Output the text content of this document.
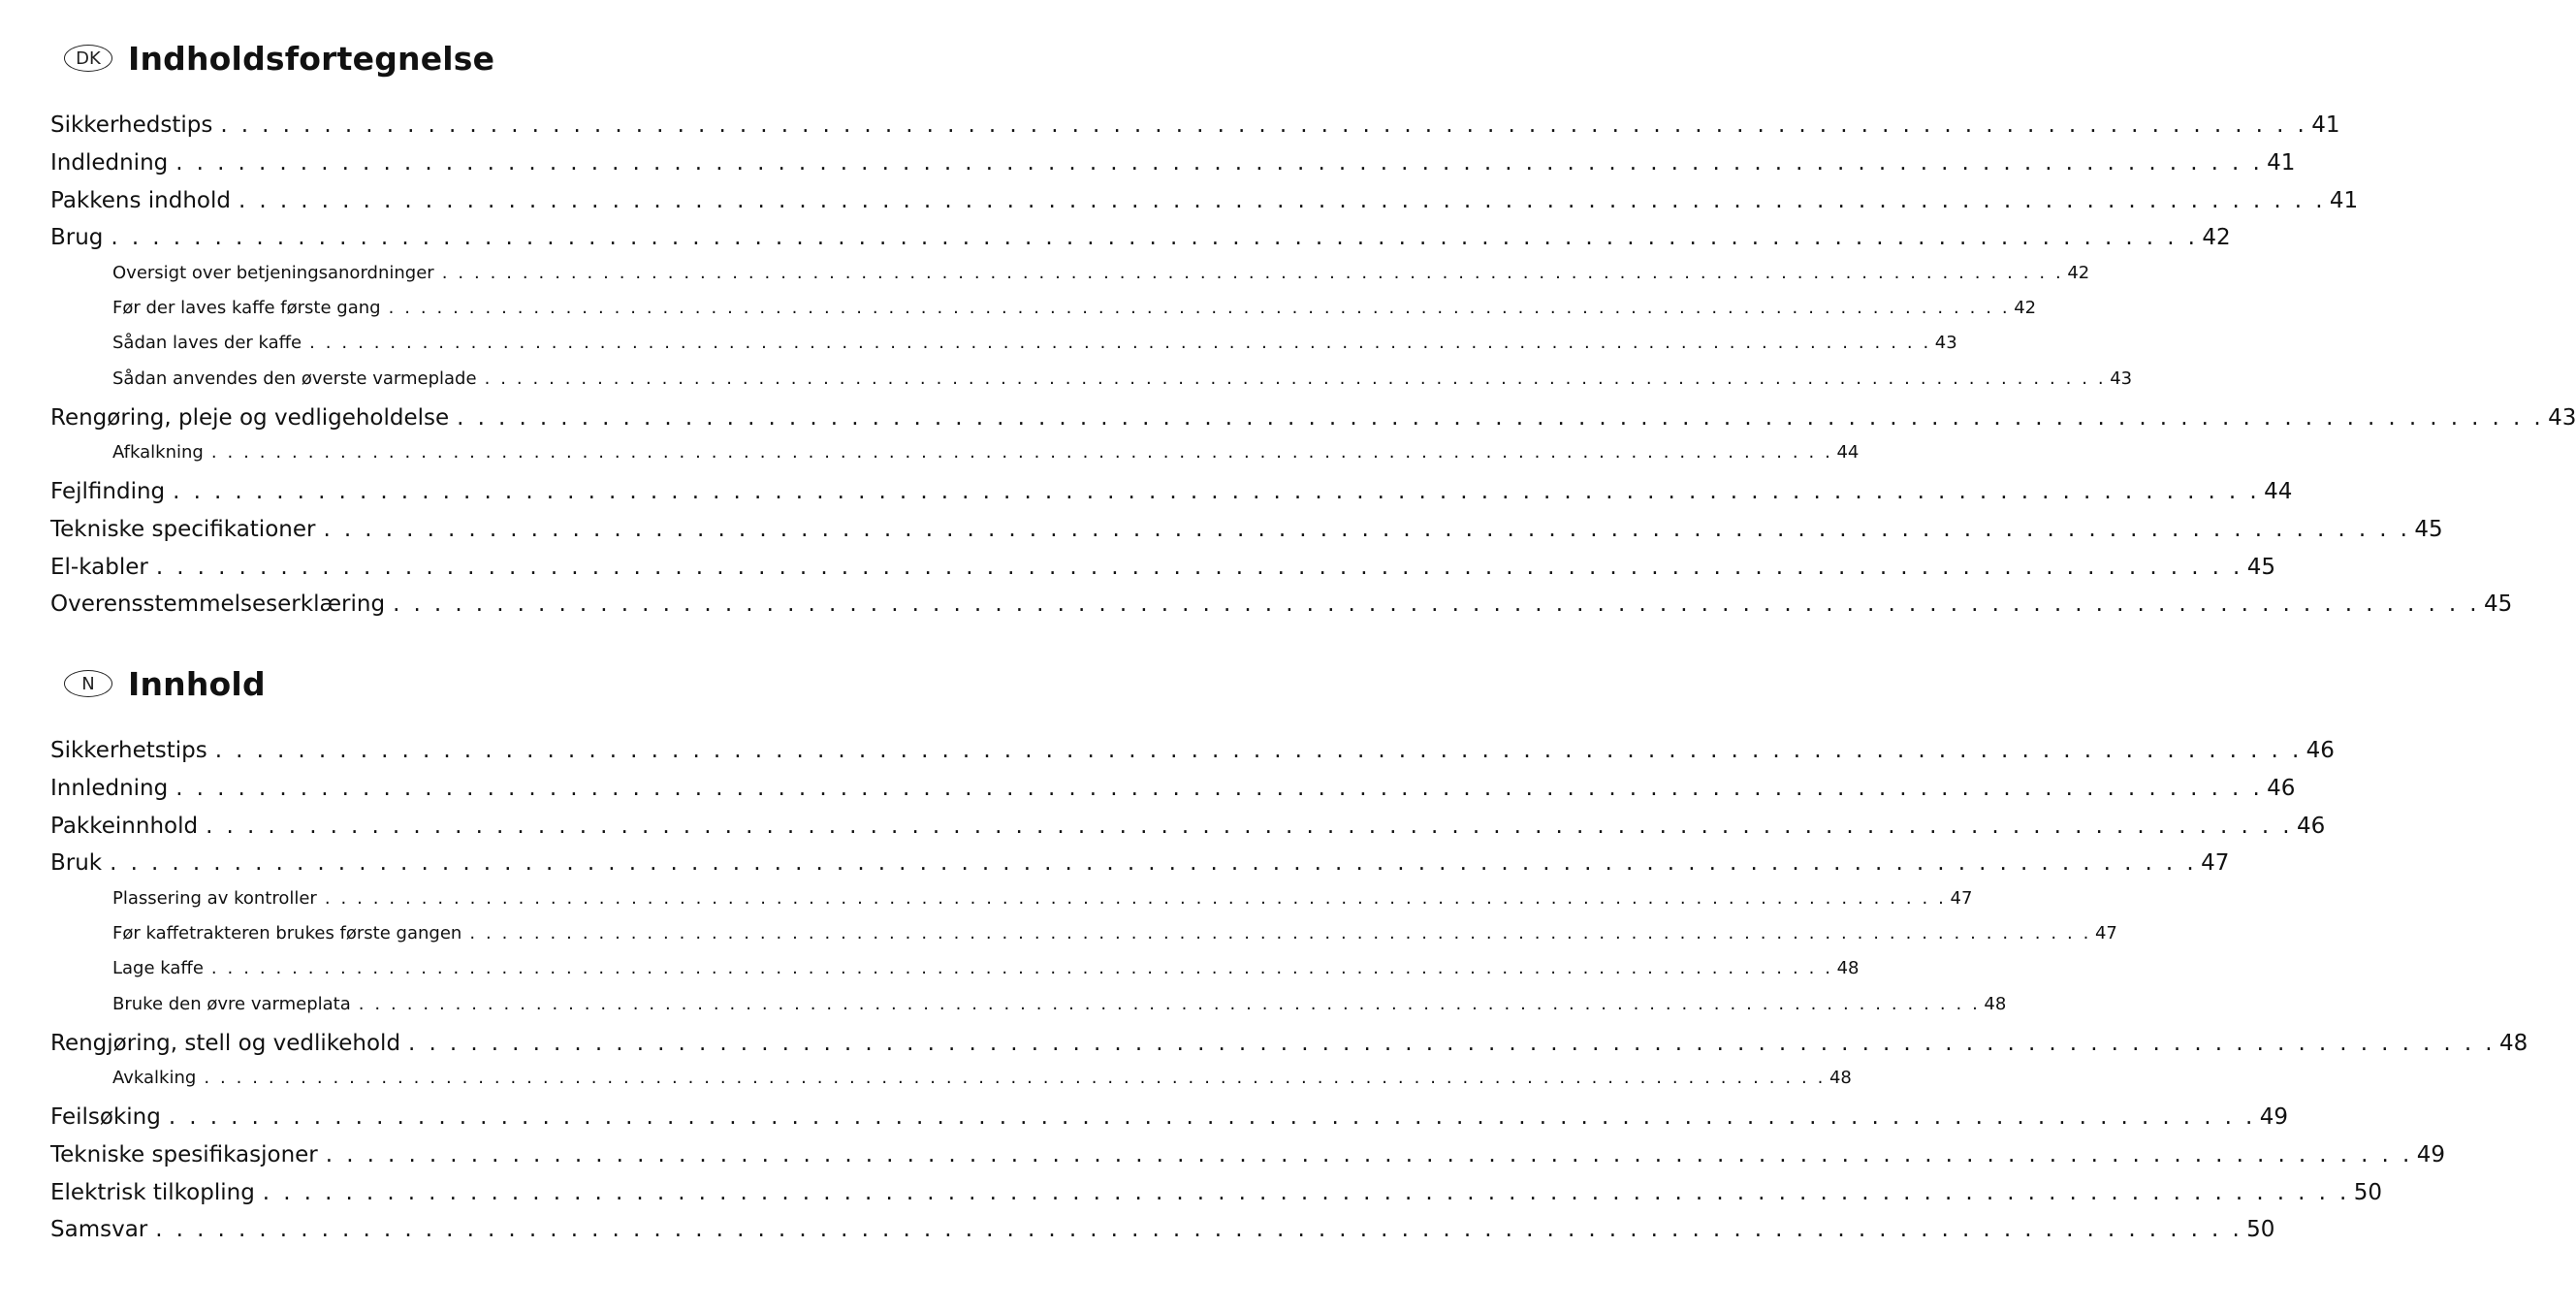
DK Indholdsfortegnelse
Sikkerhedstips . . . . . . . . . . . . . . . . . . . . . . . . . . . . . . . . . . . . . . . . . . . . . . . . . . . . . . . . . . . . . . . . . . . . . . . . . . . . . . . . . . . . . . . . . . . . . . . . . . . . . 41
Indledning . . . . . . . . . . . . . . . . . . . . . . . . . . . . . . . . . . . . . . . . . . . . . . . . . . . . . . . . . . . . . . . . . . . . . . . . . . . . . . . . . . . . . . . . . . . . . . . . . . . . . 41
Pakkens indhold . . . . . . . . . . . . . . . . . . . . . . . . . . . . . . . . . . . . . . . . . . . . . . . . . . . . . . . . . . . . . . . . . . . . . . . . . . . . . . . . . . . . . . . . . . . . . . . . . . . . . 41
Brug . . . . . . . . . . . . . . . . . . . . . . . . . . . . . . . . . . . . . . . . . . . . . . . . . . . . . . . . . . . . . . . . . . . . . . . . . . . . . . . . . . . . . . . . . . . . . . . . . . . . . 42
Oversigt over betjeningsanordninger . . . . . . . . . . . . . . . . . . . . . . . . . . . . . . . . . . . . . . . . . . . . . . . . . . . . . . . . . . . . . . . . . . . . . . . . . . . . . . . . . . . . . . . . . . . . . . . . . . . . . 42
Før der laves kaffe første gang . . . . . . . . . . . . . . . . . . . . . . . . . . . . . . . . . . . . . . . . . . . . . . . . . . . . . . . . . . . . . . . . . . . . . . . . . . . . . . . . . . . . . . . . . . . . . . . . . . . . . 42
Sådan laves der kaffe . . . . . . . . . . . . . . . . . . . . . . . . . . . . . . . . . . . . . . . . . . . . . . . . . . . . . . . . . . . . . . . . . . . . . . . . . . . . . . . . . . . . . . . . . . . . . . . . . . . . . 43
Sådan anvendes den øverste varmeplade . . . . . . . . . . . . . . . . . . . . . . . . . . . . . . . . . . . . . . . . . . . . . . . . . . . . . . . . . . . . . . . . . . . . . . . . . . . . . . . . . . . . . . . . . . . . . . . . . . . . . 43
Rengøring, pleje og vedligeholdelse . . . . . . . . . . . . . . . . . . . . . . . . . . . . . . . . . . . . . . . . . . . . . . . . . . . . . . . . . . . . . . . . . . . . . . . . . . . . . . . . . . . . . . . . . . . . . . . . . . . . . 43
Afkalkning . . . . . . . . . . . . . . . . . . . . . . . . . . . . . . . . . . . . . . . . . . . . . . . . . . . . . . . . . . . . . . . . . . . . . . . . . . . . . . . . . . . . . . . . . . . . . . . . . . . . . 44
Fejlfinding . . . . . . . . . . . . . . . . . . . . . . . . . . . . . . . . . . . . . . . . . . . . . . . . . . . . . . . . . . . . . . . . . . . . . . . . . . . . . . . . . . . . . . . . . . . . . . . . . . . . . 44
Tekniske specifikationer . . . . . . . . . . . . . . . . . . . . . . . . . . . . . . . . . . . . . . . . . . . . . . . . . . . . . . . . . . . . . . . . . . . . . . . . . . . . . . . . . . . . . . . . . . . . . . . . . . . . . 45
El-kabler . . . . . . . . . . . . . . . . . . . . . . . . . . . . . . . . . . . . . . . . . . . . . . . . . . . . . . . . . . . . . . . . . . . . . . . . . . . . . . . . . . . . . . . . . . . . . . . . . . . . . 45
Overensstemmelseserklæring . . . . . . . . . . . . . . . . . . . . . . . . . . . . . . . . . . . . . . . . . . . . . . . . . . . . . . . . . . . . . . . . . . . . . . . . . . . . . . . . . . . . . . . . . . . . . . . . . . . . . 45
N	Innhold
Sikkerhetstips . . . . . . . . . . . . . . . . . . . . . . . . . . . . . . . . . . . . . . . . . . . . . . . . . . . . . . . . . . . . . . . . . . . . . . . . . . . . . . . . . . . . . . . . . . . . . . . . . . . . . 46
Innledning . . . . . . . . . . . . . . . . . . . . . . . . . . . . . . . . . . . . . . . . . . . . . . . . . . . . . . . . . . . . . . . . . . . . . . . . . . . . . . . . . . . . . . . . . . . . . . . . . . . . . 46
Pakkeinnhold . . . . . . . . . . . . . . . . . . . . . . . . . . . . . . . . . . . . . . . . . . . . . . . . . . . . . . . . . . . . . . . . . . . . . . . . . . . . . . . . . . . . . . . . . . . . . . . . . . . . . 46
Bruk . . . . . . . . . . . . . . . . . . . . . . . . . . . . . . . . . . . . . . . . . . . . . . . . . . . . . . . . . . . . . . . . . . . . . . . . . . . . . . . . . . . . . . . . . . . . . . . . . . . . . 47
Plassering av kontroller . . . . . . . . . . . . . . . . . . . . . . . . . . . . . . . . . . . . . . . . . . . . . . . . . . . . . . . . . . . . . . . . . . . . . . . . . . . . . . . . . . . . . . . . . . . . . . . . . . . . . 47
Før kaffetrakteren brukes første gangen . . . . . . . . . . . . . . . . . . . . . . . . . . . . . . . . . . . . . . . . . . . . . . . . . . . . . . . . . . . . . . . . . . . . . . . . . . . . . . . . . . . . . . . . . . . . . . . . . . . . . 47
Lage kaffe . . . . . . . . . . . . . . . . . . . . . . . . . . . . . . . . . . . . . . . . . . . . . . . . . . . . . . . . . . . . . . . . . . . . . . . . . . . . . . . . . . . . . . . . . . . . . . . . . . . . . 48
Bruke den øvre varmeplata . . . . . . . . . . . . . . . . . . . . . . . . . . . . . . . . . . . . . . . . . . . . . . . . . . . . . . . . . . . . . . . . . . . . . . . . . . . . . . . . . . . . . . . . . . . . . . . . . . . . . 48
Rengjøring, stell og vedlikehold . . . . . . . . . . . . . . . . . . . . . . . . . . . . . . . . . . . . . . . . . . . . . . . . . . . . . . . . . . . . . . . . . . . . . . . . . . . . . . . . . . . . . . . . . . . . . . . . . . . . . 48
Avkalking . . . . . . . . . . . . . . . . . . . . . . . . . . . . . . . . . . . . . . . . . . . . . . . . . . . . . . . . . . . . . . . . . . . . . . . . . . . . . . . . . . . . . . . . . . . . . . . . . . . . . 48
Feilsøking . . . . . . . . . . . . . . . . . . . . . . . . . . . . . . . . . . . . . . . . . . . . . . . . . . . . . . . . . . . . . . . . . . . . . . . . . . . . . . . . . . . . . . . . . . . . . . . . . . . . . 49
Tekniske spesifikasjoner . . . . . . . . . . . . . . . . . . . . . . . . . . . . . . . . . . . . . . . . . . . . . . . . . . . . . . . . . . . . . . . . . . . . . . . . . . . . . . . . . . . . . . . . . . . . . . . . . . . . . 49
Elektrisk tilkopling . . . . . . . . . . . . . . . . . . . . . . . . . . . . . . . . . . . . . . . . . . . . . . . . . . . . . . . . . . . . . . . . . . . . . . . . . . . . . . . . . . . . . . . . . . . . . . . . . . . . . 50
Samsvar . . . . . . . . . . . . . . . . . . . . . . . . . . . . . . . . . . . . . . . . . . . . . . . . . . . . . . . . . . . . . . . . . . . . . . . . . . . . . . . . . . . . . . . . . . . . . . . . . . . . . 50
